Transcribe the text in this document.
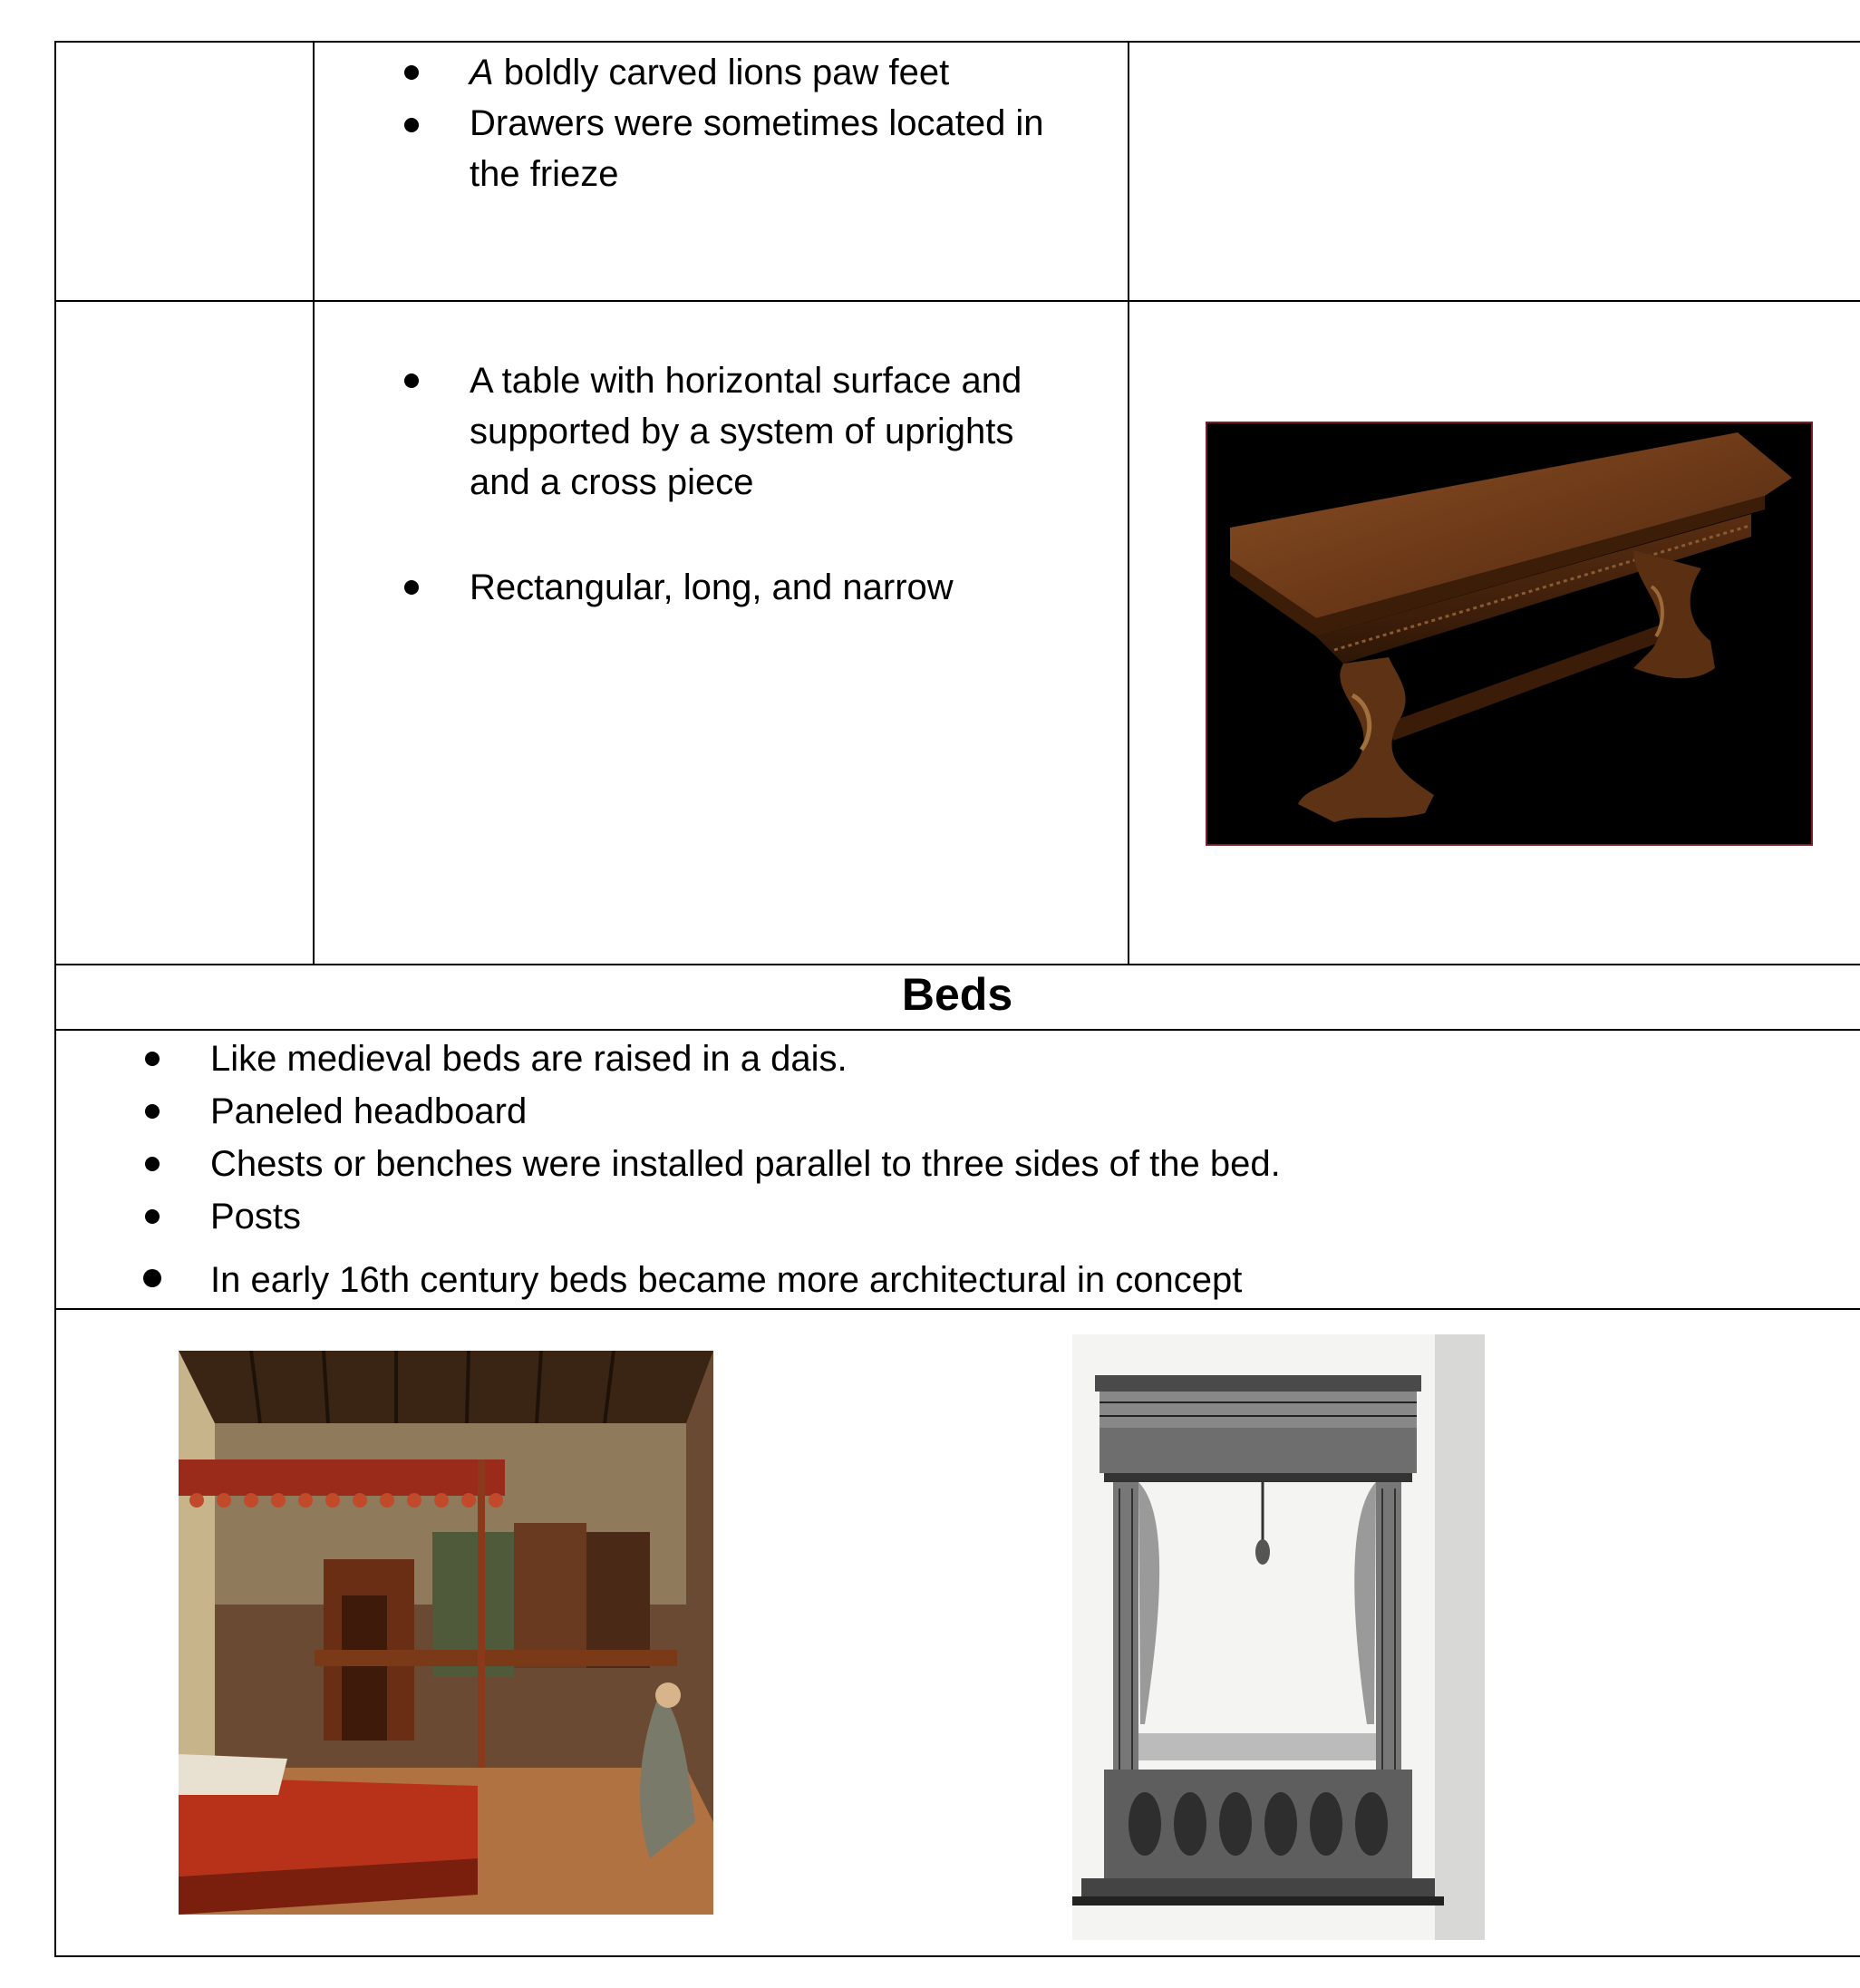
A boldly carved lions paw feet
Drawers were sometimes located in
the frieze
A table with horizontal surface and
supported by a system of uprights
and a cross piece
Rectangular, long, and narrow
Beds
Like medieval beds are raised in a dais.
Paneled headboard
Chests or benches were installed parallel to three sides of the bed.
Posts
In early 16th century beds became more architectural in concept
